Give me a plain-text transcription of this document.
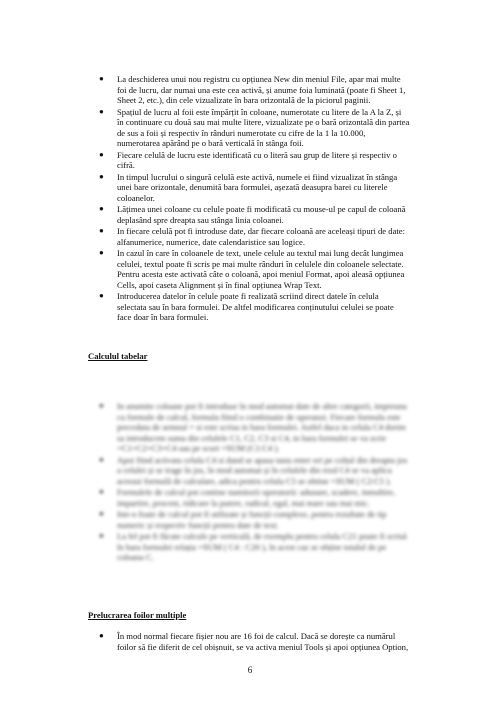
● La deschiderea unui nou registru cu opțiunea New din meniul File, apar mai multe foi de lucru, dar numai una este cea activă, și anume foia luminată (poate fi Sheet 1, Sheet 2, etc.), din cele vizualizate în bara orizontală de la piciorul paginii.
● Spațiul de lucru al foii este împărțit în coloane, numerotate cu litere de la A la Z, și în continuare cu două sau mai multe litere, vizualizate pe o bară orizontală din partea de sus a foii și respectiv în rânduri numerotate cu cifre de la 1 la 10.000, numerotarea apărând pe o bară verticală în stânga foii.
● Fiecare celulă de lucru este identificată cu o literă sau grup de litere și respectiv o cifră.
● In timpul lucrului o singură celulă este activă, numele ei fiind vizualizat în stânga unei bare orizontale, denumită bara formulei, așezată deasupra barei cu literele coloanelor.
● Lățimea unei coloane cu celule poate fi modificată cu mouse-ul pe capul de coloană deplasând spre dreapta sau stânga linia coloanei.
● In fiecare celulă pot fi introduse date, dar fiecare coloană are aceleași tipuri de date: alfanumerice, numerice, date calendaristice sau logice.
● In cazul în care în coloanele de text, unele celule au textul mai lung decât lungimea celulei, textul poate fi scris pe mai multe rânduri în celulele din coloanele selectate. Pentru acesta este activată câte o coloană, apoi meniul Format, apoi aleasă opțiunea Cells, apoi caseta Alignment și în final opțiunea Wrap Text.
● Introducerea datelor în celule poate fi realizată scriind direct datele în celula selectata sau în bara formulei. De altfel modificarea conținutului celulei se poate face doar în bara formulei.
Calculul tabelar
● In anumite coloane pot fi introduse în mod automat date de altre categorii, impreuna cu formule de calcul, formula fiind o combinatie de operanzi. Fiecare formula este precedata de semnul = si este scrisa in bara formulei. Astfel daca in celula C4 dorim sa introducem suma din celulele C1, C2, C3 si C4, in bara formulei se va scrie =C1+C2+C3+C4 sau pe scurt =SUM (C1:C4 ).
● Apoi fiind activata celula C4 si dand se apasa tasta enter ori pe colțul din dreapta jos a celulei și se trage în jos, în mod automat și în celulele din rezd C4 se va aplica aceeasi formulă de calculare, adica pentru celula C5 se obtine =SUM ( C2:C5 ).
● Formulele de calcul pot contine numitorii operatorii: adunare, scadere, inmultire, impartire, procent, ridicare la putere, radical, egal, mai mare sau mai mic.
● Intr-o foaie de calcul pot fi utilizate și funcții complexe, pentru rezultate de tip numeric și respectiv funcții pentru date de text.
● La fel pot fi făcute calcule pe verticală, de exemplu pentru celula C21 poate fi scrisă în bara formulei relația =SUM ( C4 : C20 ), în acest caz se obține totalul de pe coloana C.
Prelucrarea foilor multiple
● În mod normal fiecare fișier nou are 16 foi de calcul. Dacă se dorește ca numărul foilor să fie diferit de cel obișnuit, se va activa meniul Tools și apoi opțiunea Option,
6
